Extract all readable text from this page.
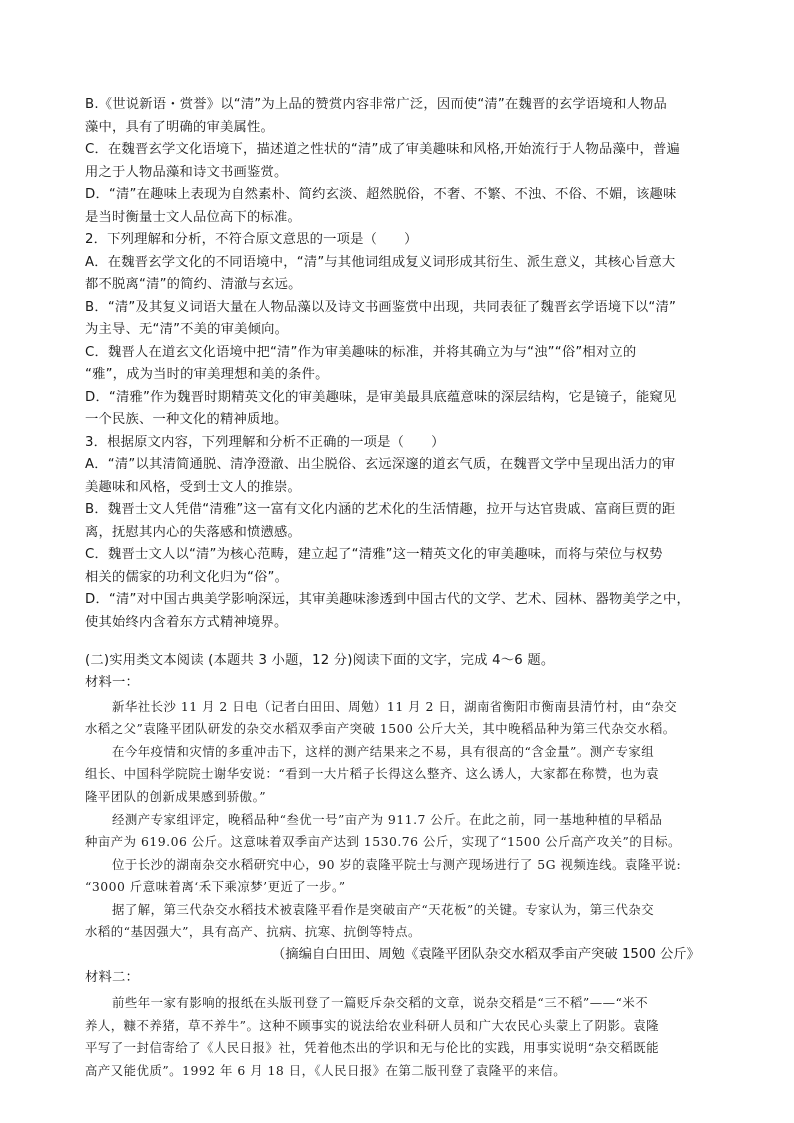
B.《世说新语・赏誉》以“清”为上品的赞赏内容非常广泛，因而使“清”在魏晋的玄学语境和人物品
藻中，具有了明确的审美属性。
C．在魏晋玄学文化语境下，描述道之性状的“清”成了审美趣味和风格,开始流行于人物品藻中，普遍
用之于人物品藻和诗文书画鉴赏。
D．“清”在趣味上表现为自然素朴、简约玄淡、超然脱俗，不奢、不繁、不浊、不俗、不媚，该趣味
是当时衡量士文人品位高下的标准。
2．下列理解和分析，不符合原文意思的一项是（　　）
A．在魏晋玄学文化的不同语境中，“清”与其他词组成复义词形成其衍生、派生意义，其核心旨意大
都不脱离“清”的简约、清澈与玄远。
B．“清”及其复义词语大量在人物品藻以及诗文书画鉴赏中出现，共同表征了魏晋玄学语境下以“清”
为主导、无“清”不美的审美倾向。
C．魏晋人在道玄文化语境中把“清”作为审美趣味的标准，并将其确立为与“浊”“俗”相对立的
“雅”，成为当时的审美理想和美的条件。
D．“清雅”作为魏晋时期精英文化的审美趣味，是审美最具底蕴意味的深层结构，它是镜子，能窥见
一个民族、一种文化的精神质地。
3．根据原文内容，下列理解和分析不正确的一项是（　　）
A．“清”以其清简通脱、清净澄澈、出尘脱俗、玄远深邃的道玄气质，在魏晋文学中呈现出活力的审
美趣味和风格，受到士文人的推崇。
B．魏晋士文人凭借“清雅”这一富有文化内涵的艺术化的生活情趣，拉开与达官贵戚、富商巨贾的距
离，抚慰其内心的失落感和愤懑感。
C．魏晋士文人以“清”为核心范畴，建立起了“清雅”这一精英文化的审美趣味，而将与荣位与权势
相关的儒家的功利文化归为“俗”。
D．“清”对中国古典美学影响深远，其审美趣味渗透到中国古代的文学、艺术、园林、器物美学之中，
使其始终内含着东方式精神境界。
(二)实用类文本阅读 (本题共 3 小题，12 分)阅读下面的文字，完成 4～6 题。
材料一：
新华社长沙 11 月 2 日电（记者白田田、周勉）11 月 2 日，湖南省衡阳市衡南县清竹村，由“杂交
水稻之父”袁隆平团队研发的杂交水稻双季亩产突破 1500 公斤大关，其中晚稻品种为第三代杂交水稻。
在今年疫情和灾情的多重冲击下，这样的测产结果来之不易，具有很高的“含金量”。测产专家组
组长、中国科学院院士谢华安说：“看到一大片稻子长得这么整齐、这么诱人，大家都在称赞，也为袁
隆平团队的创新成果感到骄傲。”
经测产专家组评定，晚稻品种“叁优一号”亩产为 911.7 公斤。在此之前，同一基地种植的早稻品
种亩产为 619.06 公斤。这意味着双季亩产达到 1530.76 公斤，实现了“1500 公斤高产攻关”的目标。
位于长沙的湖南杂交水稻研究中心，90 岁的袁隆平院士与测产现场进行了 5G 视频连线。袁隆平说:
“3000 斤意味着离‘禾下乘凉梦’更近了一步。”
据了解，第三代杂交水稻技术被袁隆平看作是突破亩产“天花板”的关键。专家认为，第三代杂交
水稻的“基因强大”，具有高产、抗病、抗寒、抗倒等特点。
（摘编自白田田、周勉《袁隆平团队杂交水稻双季亩产突破 1500 公斤》
材料二：
前些年一家有影响的报纸在头版刊登了一篇贬斥杂交稻的文章，说杂交稻是“三不稻”——“米不
养人，糠不养猪，草不养牛”。这种不顾事实的说法给农业科研人员和广大农民心头蒙上了阴影。袁隆
平写了一封信寄给了《人民日报》社，凭着他杰出的学识和无与伦比的实践，用事实说明“杂交稻既能
高产又能优质”。1992 年 6 月 18 日，《人民日报》在第二版刊登了袁隆平的来信。
